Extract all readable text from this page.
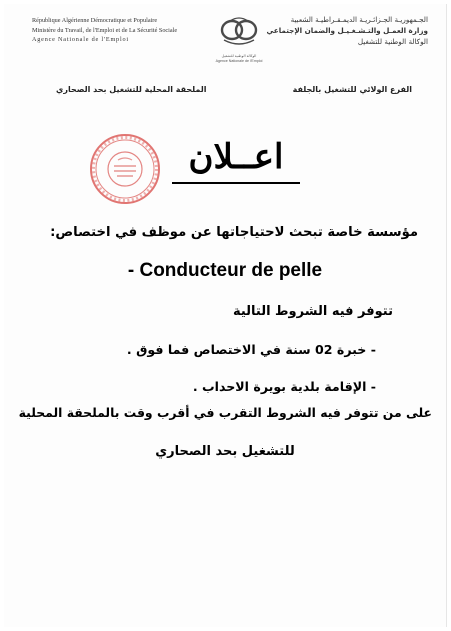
République Algérienne Démocratique et Populaire
Ministère du Travail, de l'Emploi et de La Sécurité Sociale
Agence Nationale de l'Emploi
الوكالة الوطنية للتشغيل
Agence Nationale de l'Emploi
الجـمهوريـة الجـزائـريـة الديمـقـراطيـة الشعبية
وزارة العمـل والتـشـغـيـل والضمان الإجتماعي
الوكالة الوطنية للتشغيل
الملحقة المحلية للتشغيل بحد الصحاري	الفرع الولائي للتشغيل بالجلفة
اعــلان
مؤسسة خاصة تبحث لاحتياجاتها عن موظف في اختصاص:
- Conducteur de pelle
تتوفر فيه الشروط التالية
- خبرة 02 سنة في الاختصاص فما فوق .
- الإقامة بلدية بويرة الاحداب .
على من تتوفر فيه الشروط التقرب في أقرب وقت بالملحقة المحلية
للتشغيل بحد الصحاري
